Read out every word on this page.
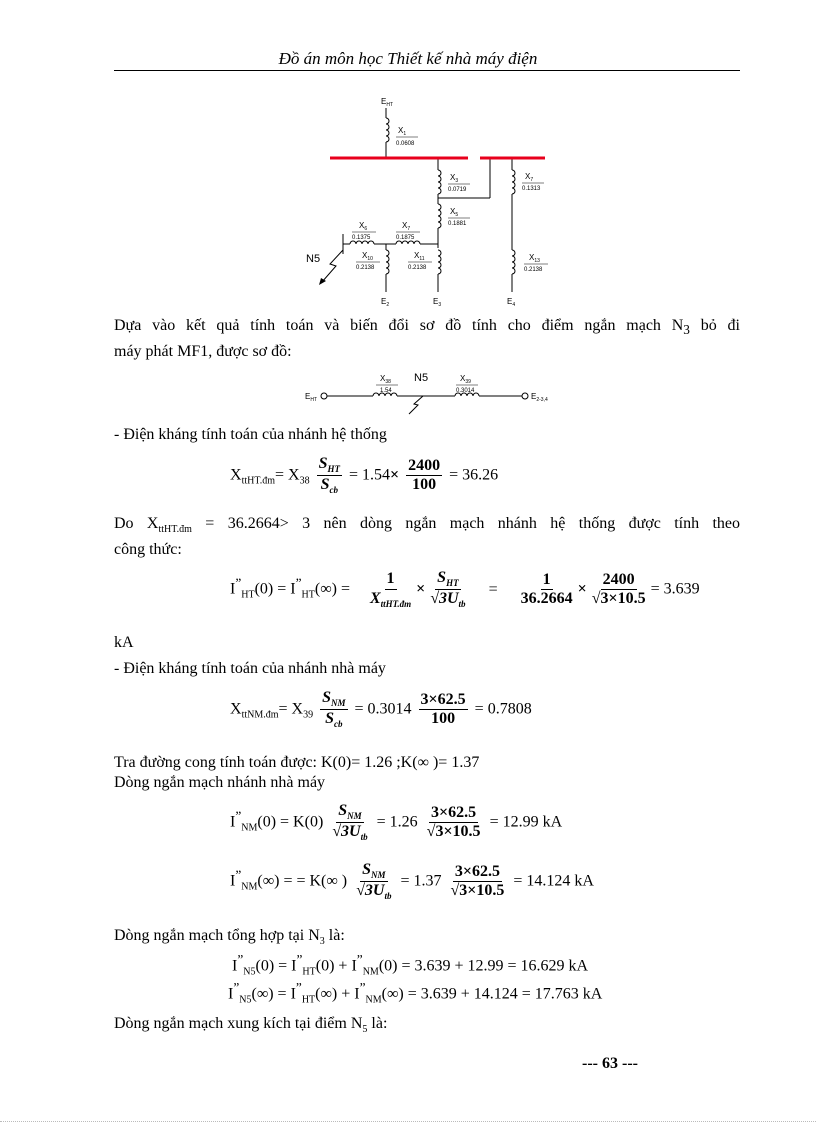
Đồ án môn học Thiết kế nhà máy điện
$E_{HT}$
$X_1$
0.0608
$X_3$
0.0719
$X_5$
0.1881
$X_6$
0.1375
$X_7$
0.1875
$X_7$
0.1313
$X_{10}$
0.2138
$X_{11}$
0.2138
$X_{13}$
0.2138
N5
$E_2$	$E_3$	$E_4$
Dựa vào kết quả tính toán và biến đổi sơ đồ tính cho điểm ngắn mạch $N_3$ bỏ đi
máy phát MF1, được sơ đồ:
$E_{HT}$
$X_{38}$
1.54
N5	$X_{39}$
0.3014
$E_{2-3,4}$
- Điện kháng tính toán của nhánh hệ thống
$X_{ttHT.đm}= X_{38} \frac{S_{HT}}{S_{cb}} = 1.54\times \frac{2400}{100} = 36.26$
Do $X_{ttHT.đm} = 36.2664> 3$ nên dòng ngắn mạch nhánh hệ thống được tính theo
công thức:
$I^”_{HT}(0) = I^”_{HT}(\infty) = \frac{1}{X_{ttHT.đm}} \times \frac{S_{HT}}{√3U_{tb}} = \frac{1}{36.2664} \times \frac{2400}{√3\times 10.5} = 3.639$
kA
- Điện kháng tính toán của nhánh nhà máy
$X_{ttNM.đm}= X_{39} \frac{S_{NM}}{S_{cb}} = 0.3014 \frac{3\times 62.5}{100} = 0.7808$
Tra đường cong tính toán được: K(0)= 1.26 ;K(∞ )= 1.37
Dòng ngắn mạch nhánh nhà máy
$I^”_{NM}(0) = K(0) \frac{S_{NM}}{√3U_{tb}} = 1.26 \frac{3\times 62.5}{√3\times 10.5} = 12.99$ kA
$I^”_{NM}(\infty)$ = = K(∞ ) $\frac{S_{NM}}{√3U_{tb}} = 1.37 \frac{3\times 62.5}{√3\times 10.5} = 14.124$ kA
Dòng ngắn mạch tổng hợp tại $N_3$ là:
$I^”_{N5}(0) = I^”_{HT}(0) + I^”_{NM}(0) = 3.639 + 12.99 = 16.629$ kA
$I^”_{N5}(\infty) = I^”_{HT}(\infty) + I^”_{NM}(\infty) = 3.639 + 14.124 = 17.763$ kA
Dòng ngắn mạch xung kích tại điểm $N_5$ là:
--- 63 ---
